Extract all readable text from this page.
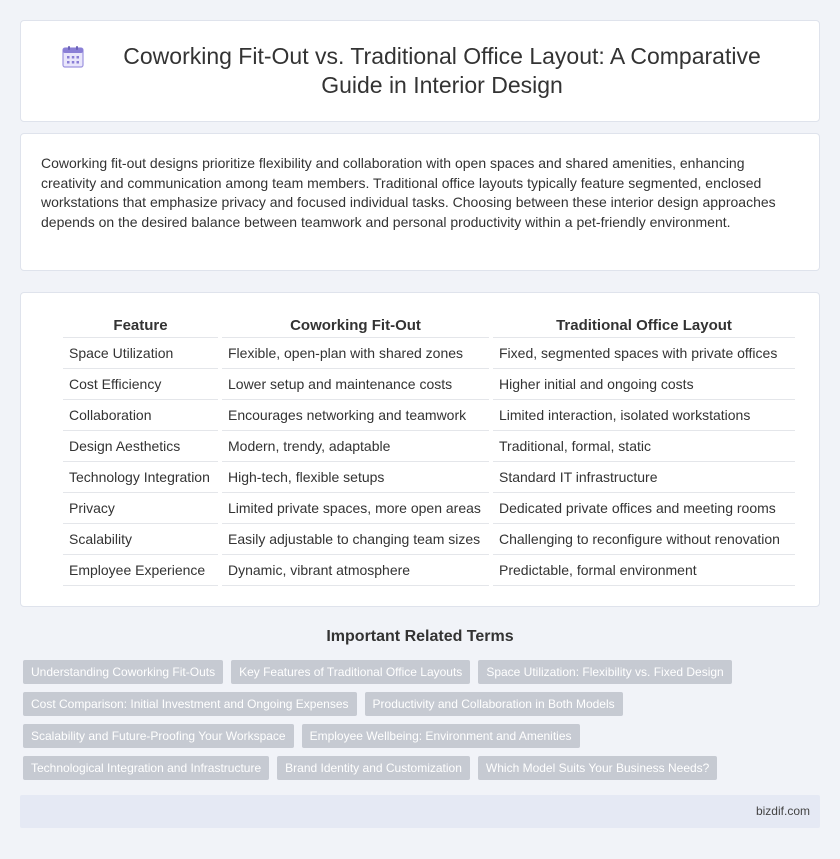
Coworking Fit-Out vs. Traditional Office Layout: A Comparative Guide in Interior Design

Coworking fit-out designs prioritize flexibility and collaboration with open spaces and shared amenities, enhancing creativity and communication among team members. Traditional office layouts typically feature segmented, enclosed workstations that emphasize privacy and focused individual tasks. Choosing between these interior design approaches depends on the desired balance between teamwork and personal productivity within a pet-friendly environment.

Feature		Coworking Fit-Out		Traditional Office Layout
Space Utilization		Flexible, open-plan with shared zones		Fixed, segmented spaces with private offices
Cost Efficiency		Lower setup and maintenance costs		Higher initial and ongoing costs
Collaboration		Encourages networking and teamwork		Limited interaction, isolated workstations
Design Aesthetics		Modern, trendy, adaptable		Traditional, formal, static
Technology Integration		High-tech, flexible setups		Standard IT infrastructure
Privacy		Limited private spaces, more open areas		Dedicated private offices and meeting rooms
Scalability		Easily adjustable to changing team sizes		Challenging to reconfigure without renovation
Employee Experience		Dynamic, vibrant atmosphere		Predictable, formal environment
Important Related Terms
Understanding Coworking Fit-Outs	Key Features of Traditional Office Layouts	Space Utilization: Flexibility vs. Fixed Design
Cost Comparison: Initial Investment and Ongoing Expenses	Productivity and Collaboration in Both Models
Scalability and Future-Proofing Your Workspace	Employee Wellbeing: Environment and Amenities
Technological Integration and Infrastructure	Brand Identity and Customization	Which Model Suits Your Business Needs?
bizdif.com
